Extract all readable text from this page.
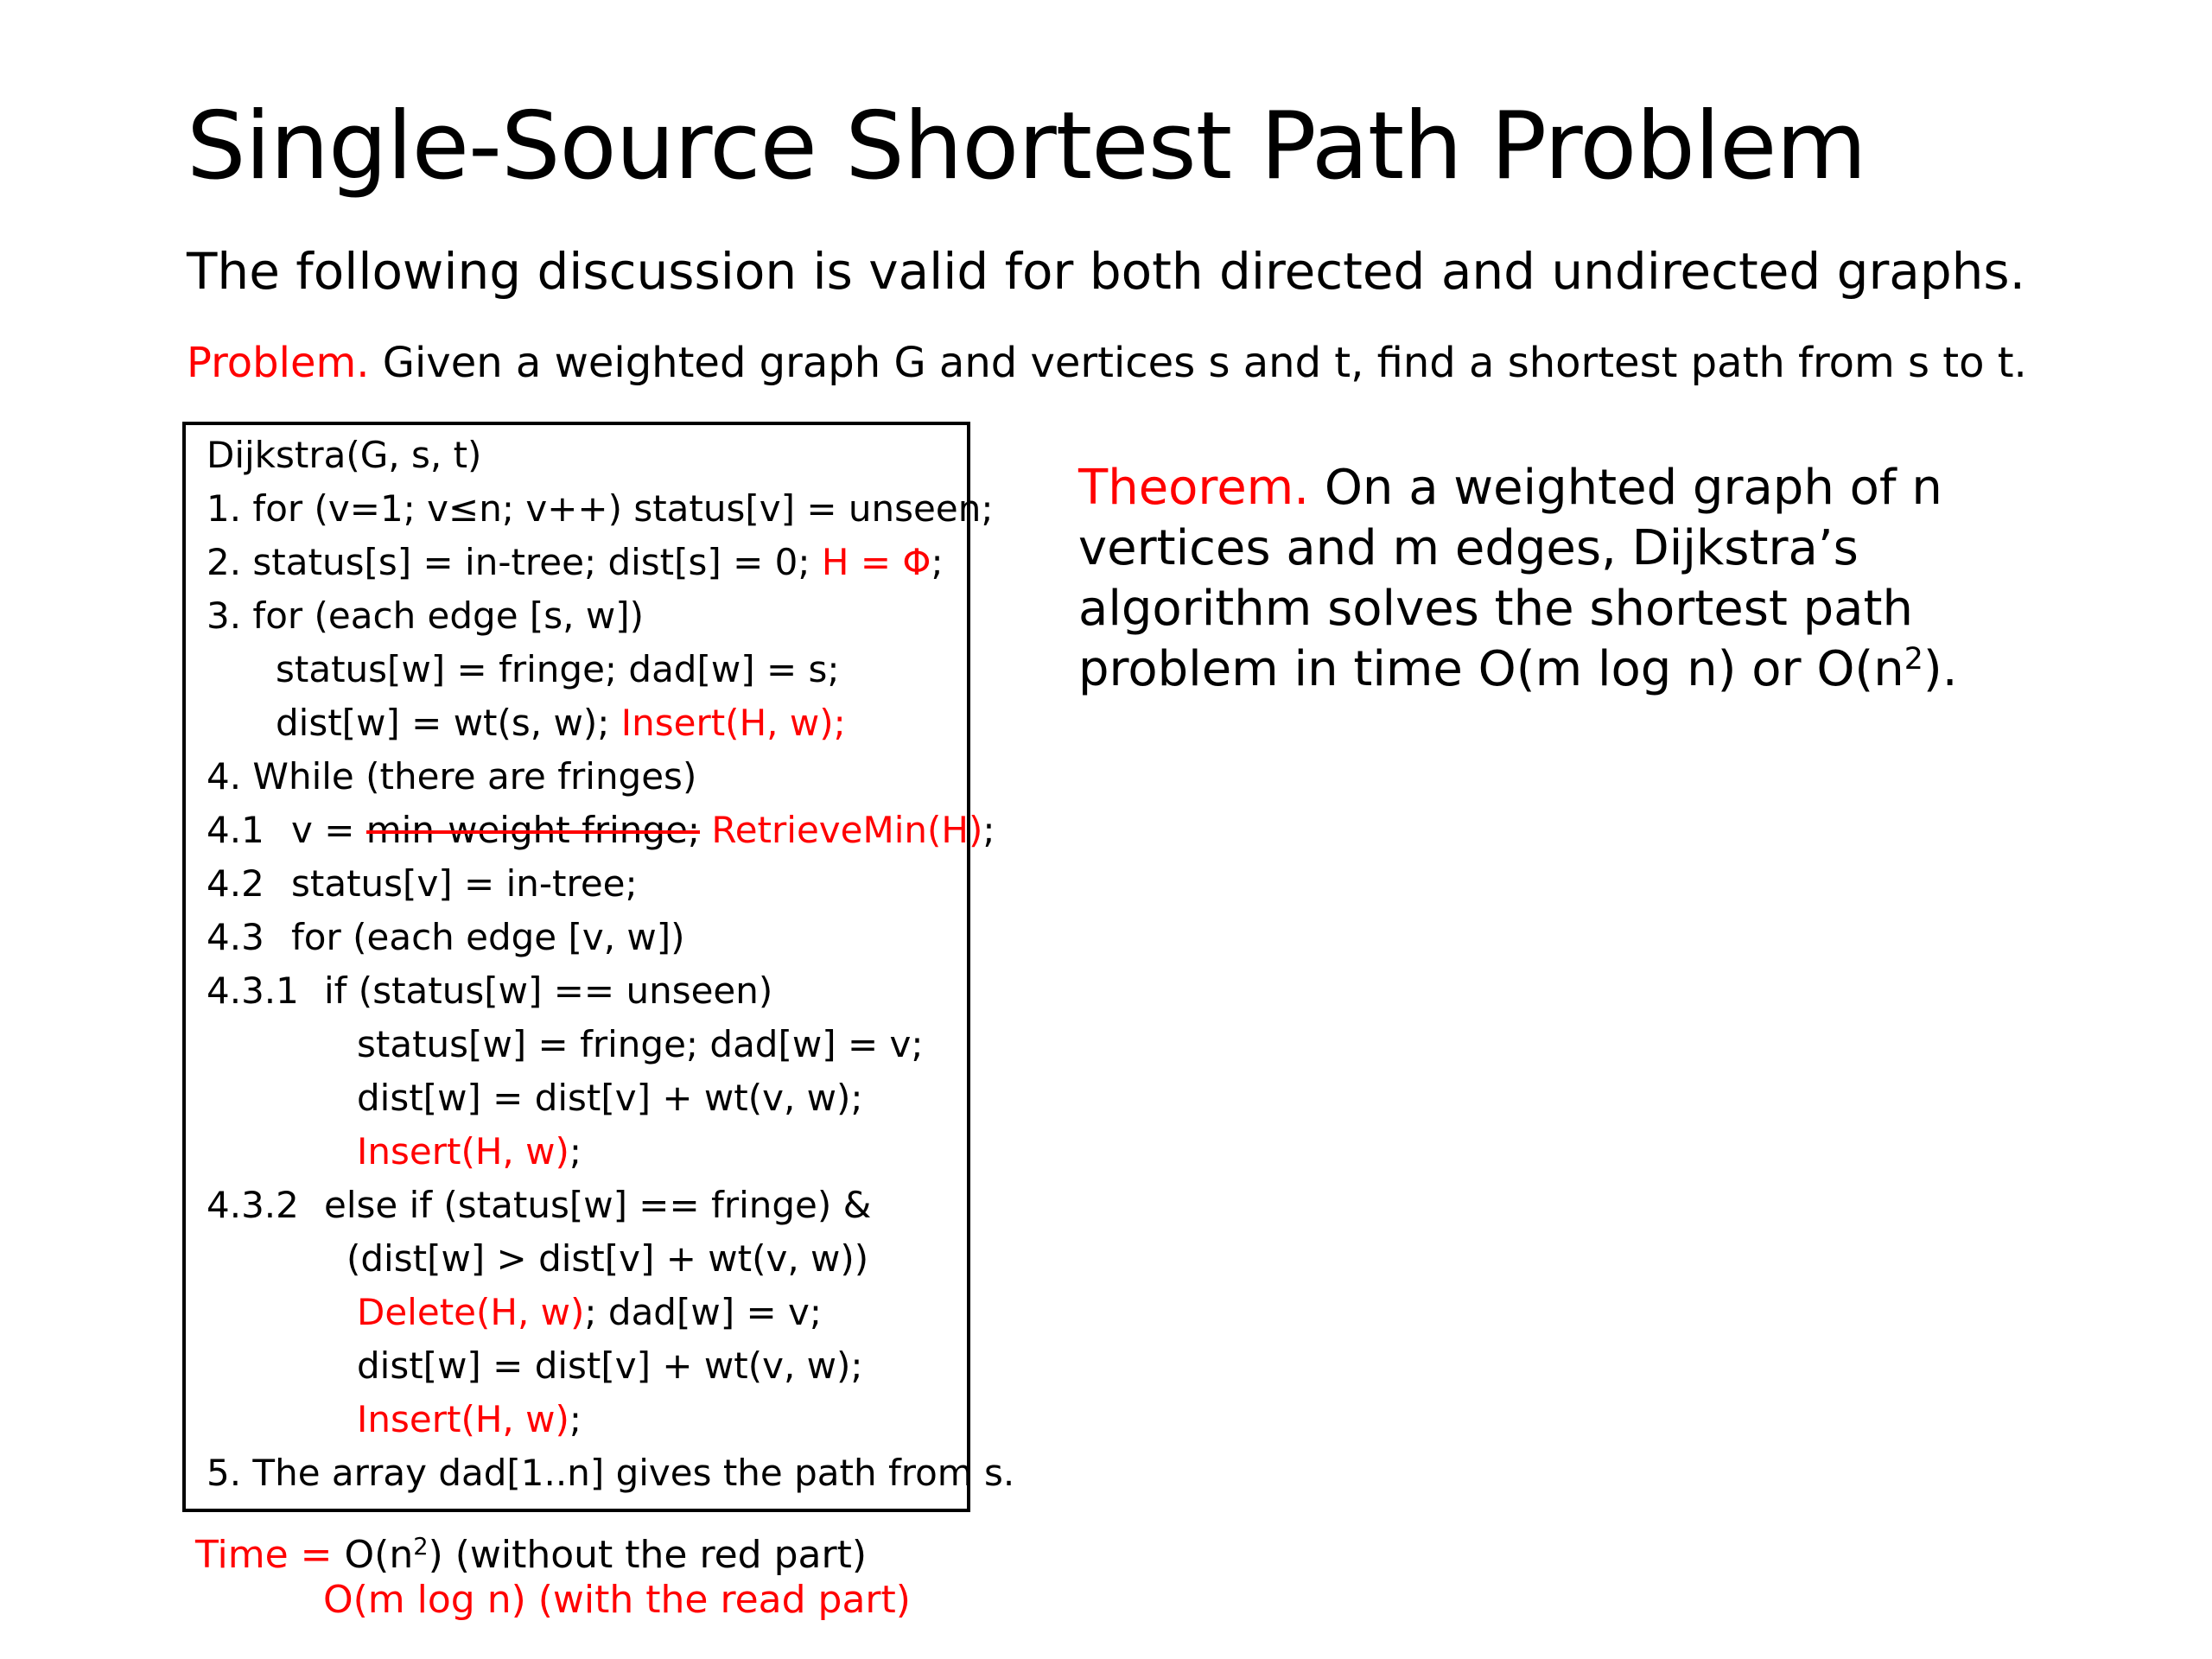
Single-Source Shortest Path Problem
The following discussion is valid for both directed and undirected graphs.
Problem. Given a weighted graph G and vertices s and t, find a shortest path from s to t.
Dijkstra(G, s, t)
1. for (v=1; v≤n; v++) status[v] = unseen;
2. status[s] = in-tree; dist[s] = 0; H = Φ;
3. for (each edge [s, w])
status[w] = fringe; dad[w] = s;
dist[w] = wt(s, w); Insert(H, w);
4. While (there are fringes)
4.1 v = min-weight fringe; RetrieveMin(H);
4.2 status[v] = in-tree;
4.3 for (each edge [v, w])
4.3.1 if (status[w] == unseen)
status[w] = fringe; dad[w] = v;
dist[w] = dist[v] + wt(v, w);
Insert(H, w);
4.3.2 else if (status[w] == fringe) &
(dist[w] > dist[v] + wt(v, w))
Delete(H, w); dad[w] = v;
dist[w] = dist[v] + wt(v, w);
Insert(H, w);
5. The array dad[1..n] gives the path from s.
Time = $O(n^2)$ (without the red part)
O(m log n) (with the read part)
Theorem. On a weighted graph of n vertices and m edges, Dijkstra’s algorithm solves the shortest path problem in time O(m log n) or $O(n^2)$.
